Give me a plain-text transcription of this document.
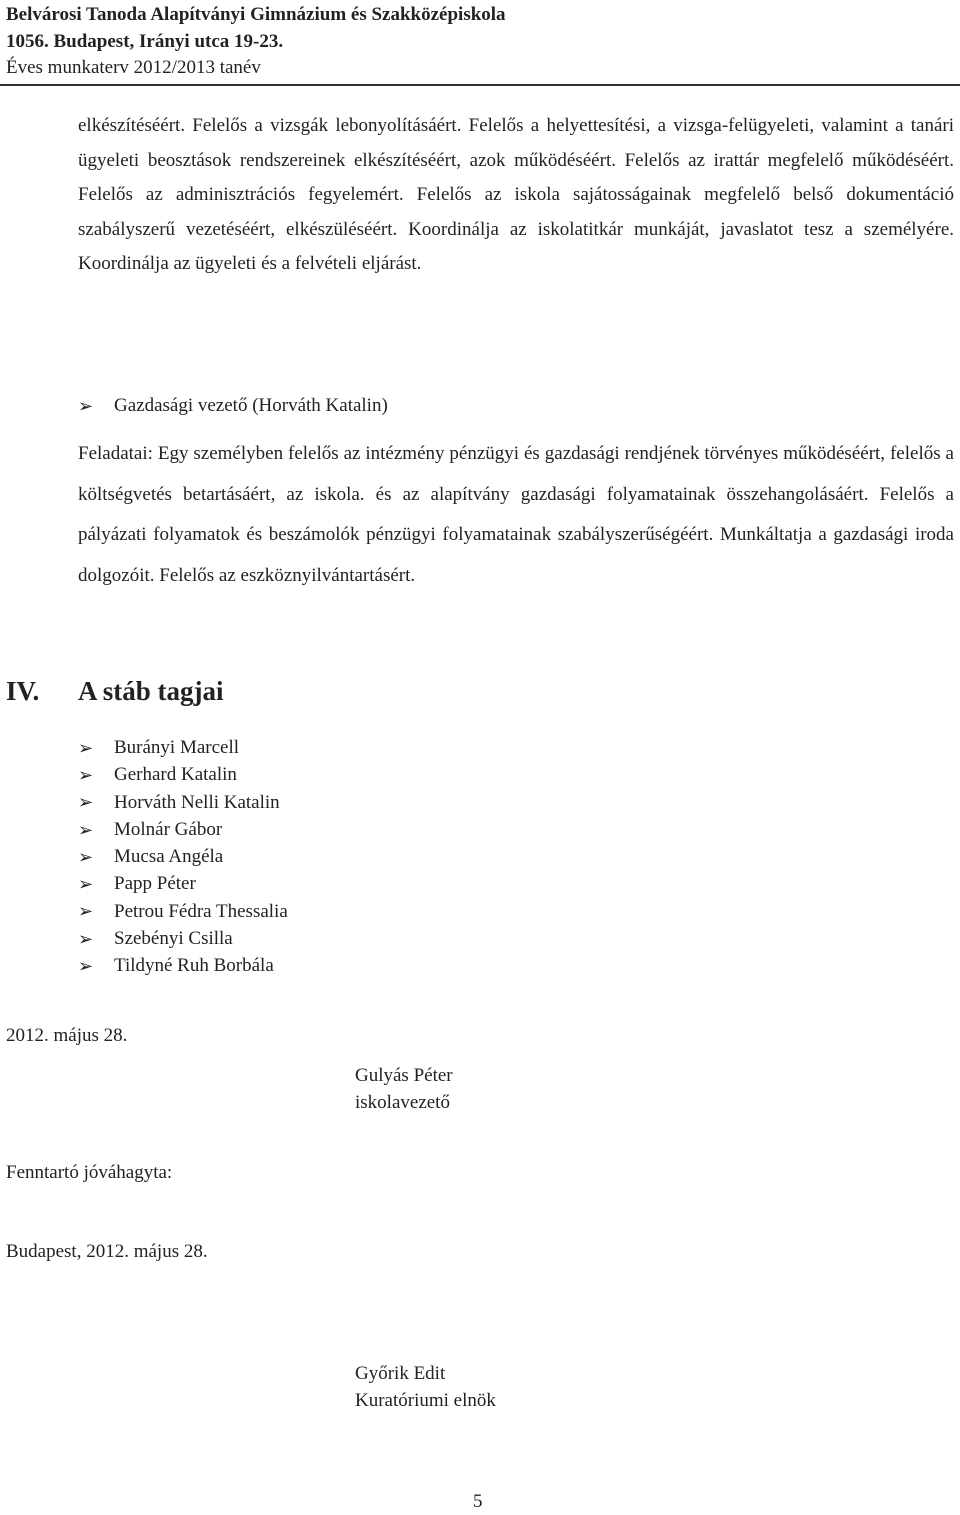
Belvárosi Tanoda Alapítványi Gimnázium és Szakközépiskola
1056. Budapest, Irányi utca 19-23.
Éves munkaterv 2012/2013 tanév
elkészítéséért. Felelős a vizsgák lebonyolításáért. Felelős a helyettesítési, a vizsga-felügyeleti, valamint a tanári ügyeleti beosztások rendszereinek elkészítéséért, azok működéséért. Felelős az irattár megfelelő működéséért. Felelős az adminisztrációs fegyelemért. Felelős az iskola sajátosságainak megfelelő belső dokumentáció szabályszerű vezetéséért, elkészüléséért. Koordinálja az iskolatitkár munkáját, javaslatot tesz a személyére. Koordinálja az ügyeleti és a felvételi eljárást.
➢	Gazdasági vezető (Horváth Katalin)
Feladatai: Egy személyben felelős az intézmény pénzügyi és gazdasági rendjének törvényes működéséért, felelős a költségvetés betartásáért, az iskola. és az alapítvány gazdasági folyamatainak összehangolásáért. Felelős a pályázati folyamatok és beszámolók pénzügyi folyamatainak szabályszerűségéért. Munkáltatja a gazdasági iroda dolgozóit. Felelős az eszköznyilvántartásért.
IV. A stáb tagjai
➢	Burányi Marcell
➢	Gerhard Katalin
➢	Horváth Nelli Katalin
➢	Molnár Gábor
➢	Mucsa Angéla
➢	Papp Péter
➢	Petrou Fédra Thessalia
➢	Szebényi Csilla
➢	Tildyné Ruh Borbála
2012. május 28.
Gulyás Péter
iskolavezető
Fenntartó jóváhagyta:
Budapest, 2012. május 28.
Győrik Edit
Kuratóriumi elnök
5
